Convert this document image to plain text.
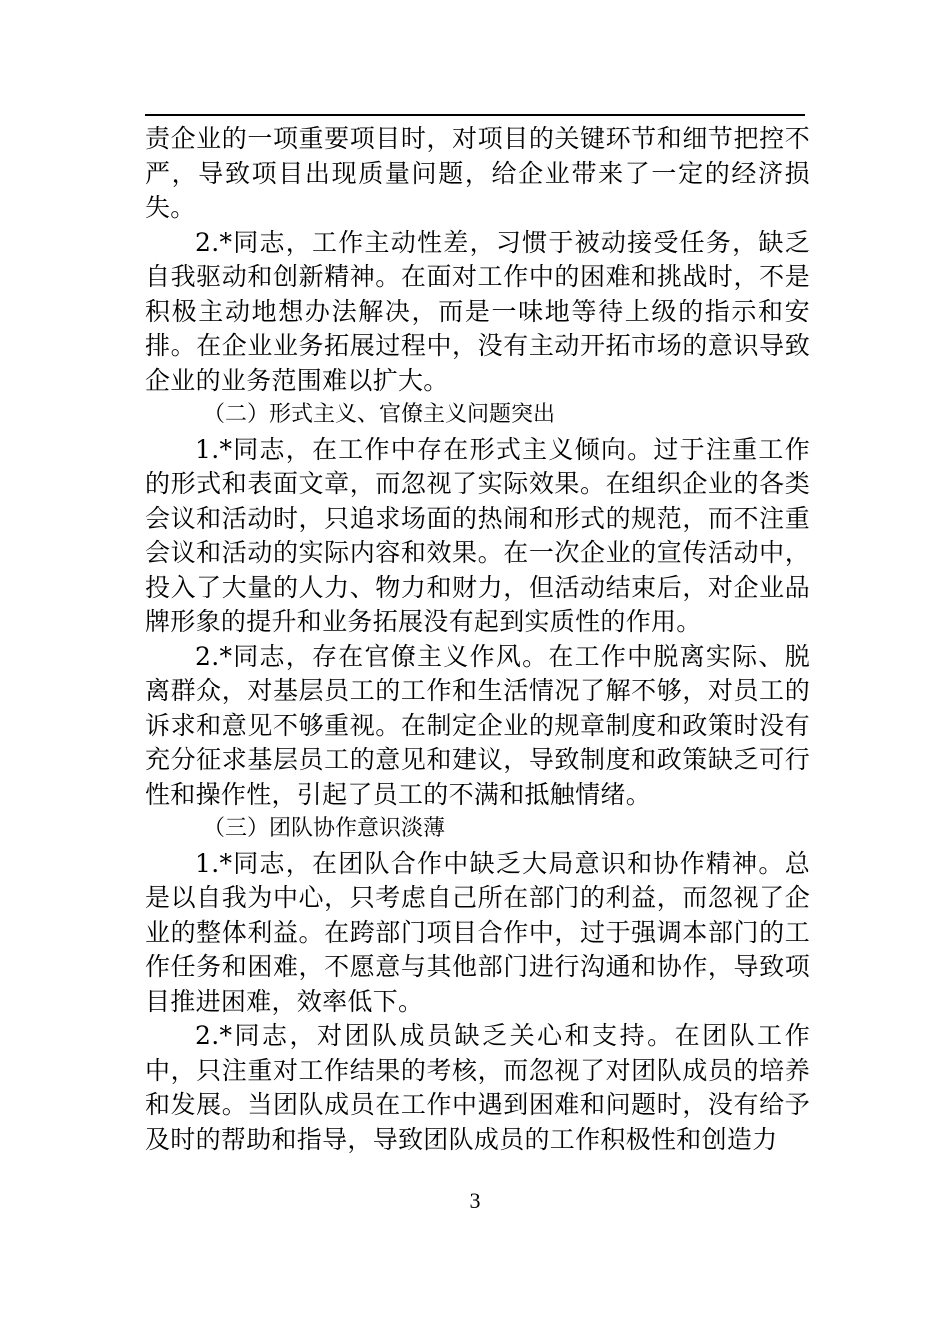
责企业的一项重要项目时，对项目的关键环节和细节把控不严，导致项目出现质量问题，给企业带来了一定的经济损失。

2.*同志，工作主动性差，习惯于被动接受任务，缺乏自我驱动和创新精神。在面对工作中的困难和挑战时，不是积极主动地想办法解决，而是一味地等待上级的指示和安排。在企业业务拓展过程中，没有主动开拓市场的意识导致企业的业务范围难以扩大。

（二）形式主义、官僚主义问题突出

1.*同志，在工作中存在形式主义倾向。过于注重工作的形式和表面文章，而忽视了实际效果。在组织企业的各类会议和活动时，只追求场面的热闹和形式的规范，而不注重会议和活动的实际内容和效果。在一次企业的宣传活动中，投入了大量的人力、物力和财力，但活动结束后，对企业品牌形象的提升和业务拓展没有起到实质性的作用。

2.*同志，存在官僚主义作风。在工作中脱离实际、脱离群众，对基层员工的工作和生活情况了解不够，对员工的诉求和意见不够重视。在制定企业的规章制度和政策时没有充分征求基层员工的意见和建议，导致制度和政策缺乏可行性和操作性，引起了员工的不满和抵触情绪。

（三）团队协作意识淡薄

1.*同志，在团队合作中缺乏大局意识和协作精神。总是以自我为中心，只考虑自己所在部门的利益，而忽视了企业的整体利益。在跨部门项目合作中，过于强调本部门的工作任务和困难，不愿意与其他部门进行沟通和协作，导致项目推进困难，效率低下。

2.*同志，对团队成员缺乏关心和支持。在团队工作中，只注重对工作结果的考核，而忽视了对团队成员的培养和发展。当团队成员在工作中遇到困难和问题时，没有给予及时的帮助和指导，导致团队成员的工作积极性和创造力

3
